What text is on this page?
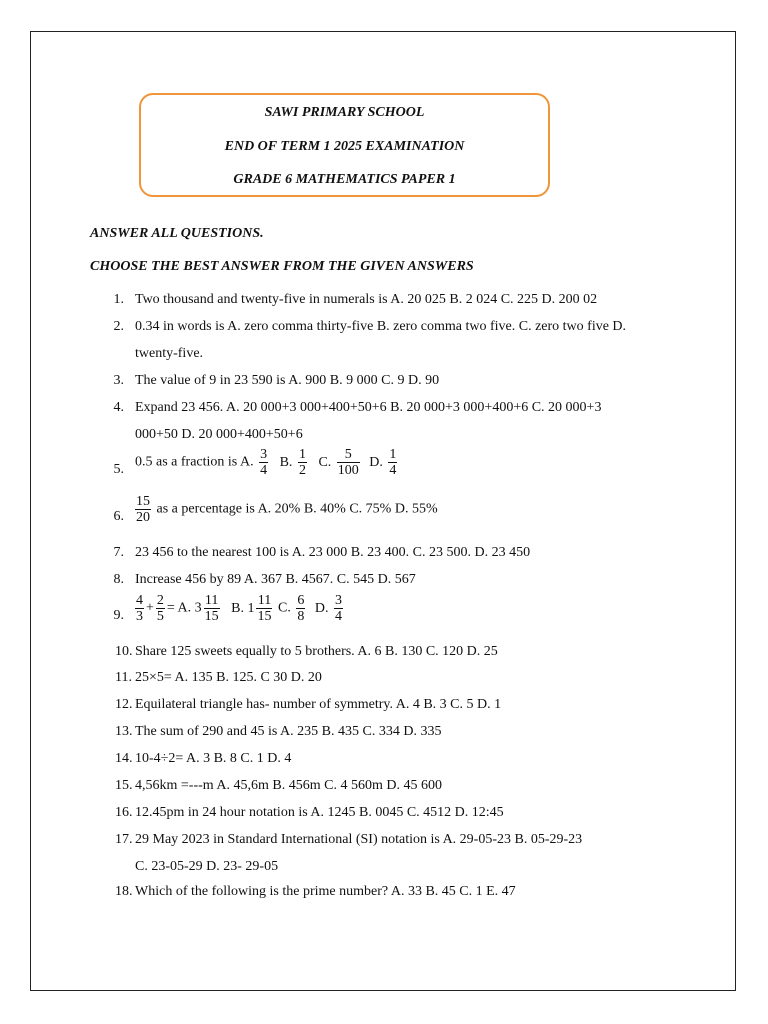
SAWI PRIMARY SCHOOL
END OF TERM 1 2025 EXAMINATION
GRADE 6 MATHEMATICS PAPER 1
ANSWER ALL QUESTIONS.
CHOOSE THE BEST ANSWER FROM THE GIVEN ANSWERS
1. Two thousand and twenty-five in numerals is A. 20 025 B. 2 024 C. 225 D. 200 02
2. 0.34 in words is A. zero comma thirty-five B. zero comma two five. C. zero two five D.
twenty-five.
3. The value of 9 in 23 590 is A. 900 B. 9 000 C. 9 D. 90
4. Expand 23 456. A. 20 000+3 000+400+50+6 B. 20 000+3 000+400+6 C. 20 000+3
000+50 D. 20 000+400+50+6
5. 0.5 as a fraction is A. $\frac{3}{4} B$. $\frac{1}{2} C$. $\frac{5}{100} D$. $\frac{1}{4}$
6. $\frac{15}{20}$ as a percentage is A. 20% B. 40% C. 75% D. 55%
7. 23 456 to the nearest 100 is A. 23 000 B. 23 400. C. 23 500. D. 23 450
8. Increase 456 by 89 A. 367 B. 4567. C. 545 D. 567
9. $\frac{4}{3} + \frac{2}{5} = A$. $3 \frac{11}{15} B$. $1 \frac{11}{15} C$. $\frac{6}{8} D$. $\frac{3}{4}$
10. Share 125 sweets equally to 5 brothers. A. 6 B. 130 C. 120 D. 25
11. 25×5= A. 135 B. 125. C 30 D. 20
12. Equilateral triangle has- number of symmetry. A. 4 B. 3 C. 5 D. 1
13. The sum of 290 and 45 is A. 235 B. 435 C. 334 D. 335
14. 10-4÷2= A. 3 B. 8 C. 1 D. 4
15. 4,56km =---m A. 45,6m B. 456m C. 4 560m D. 45 600
16. 12.45pm in 24 hour notation is A. 1245 B. 0045 C. 4512 D. 12:45
17. 29 May 2023 in Standard International (SI) notation is A. 29-05-23 B. 05-29-23
C. 23-05-29 D. 23- 29-05
18. Which of the following is the prime number? A. 33 B. 45 C. 1 E. 47
